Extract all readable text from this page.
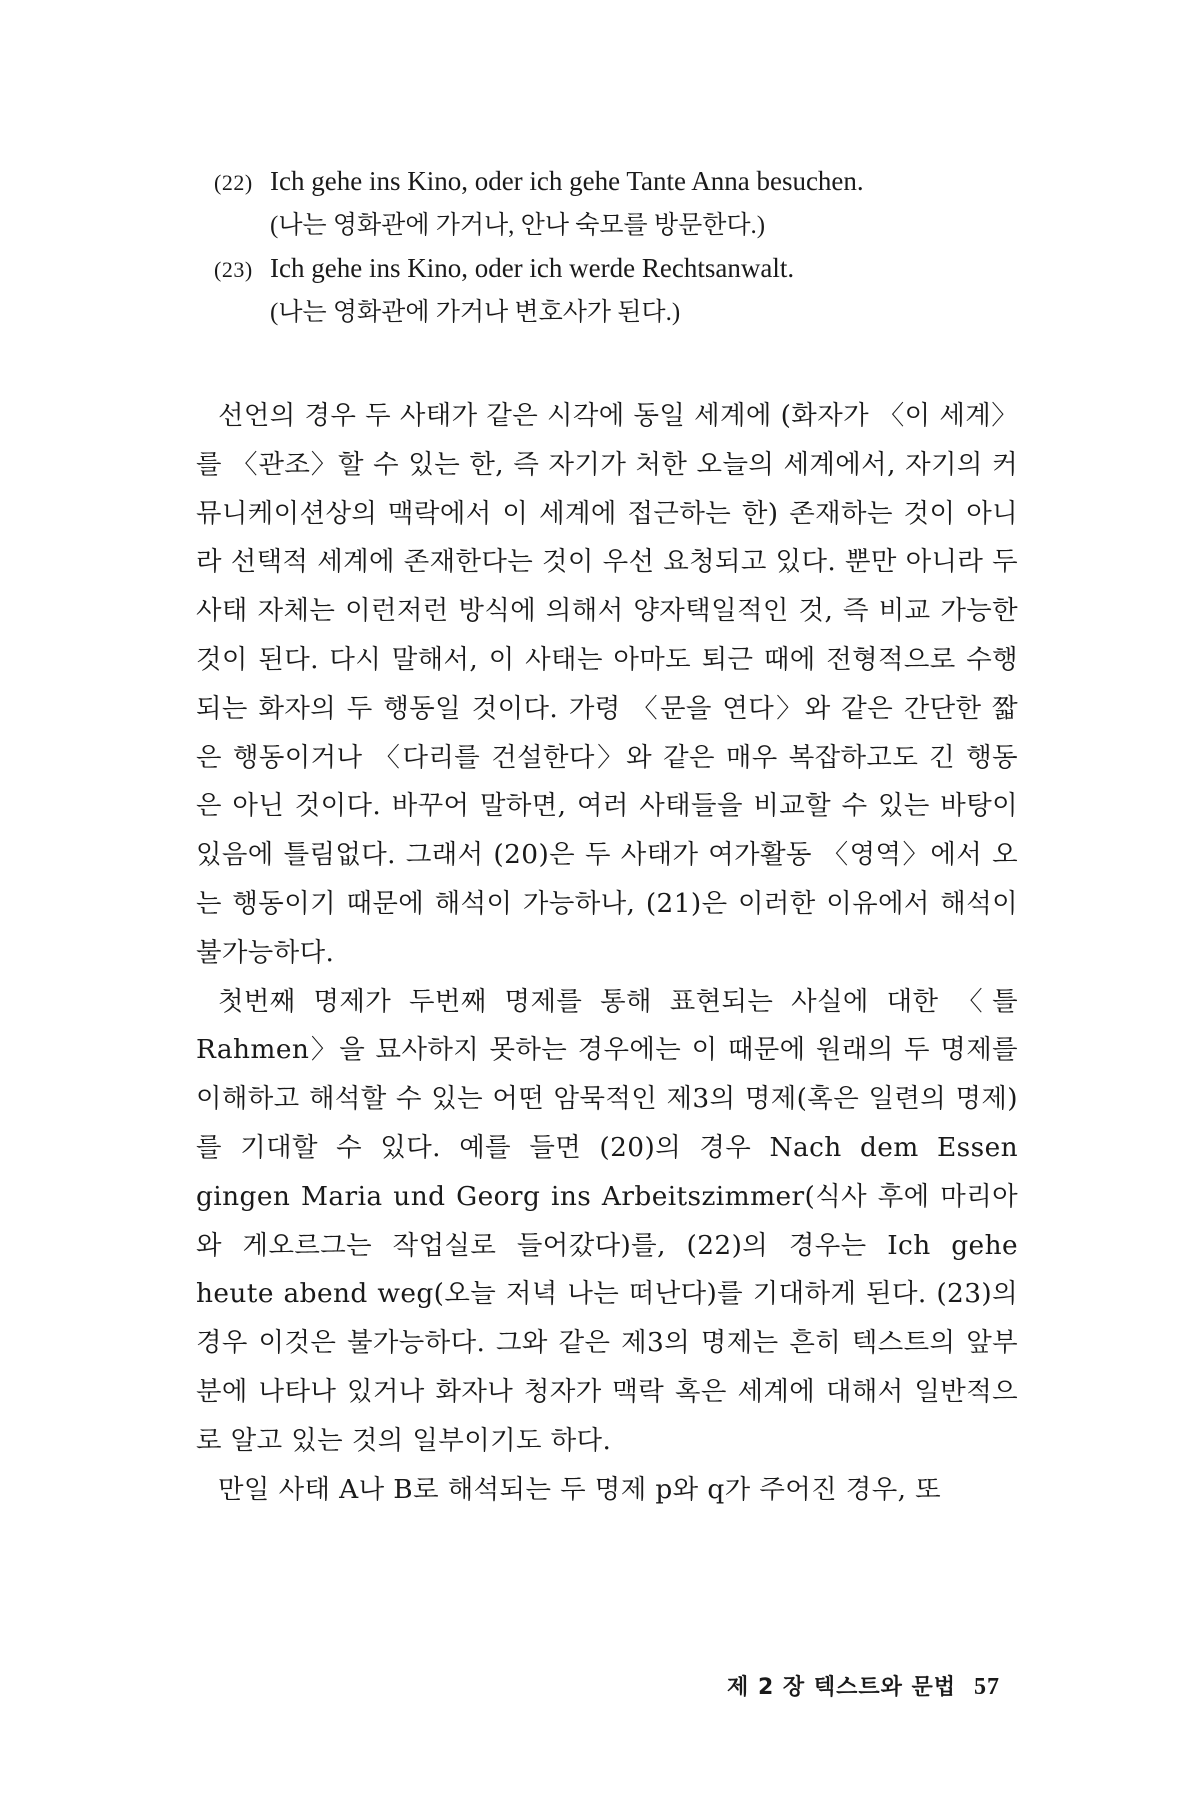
(22) Ich gehe ins Kino, oder ich gehe Tante Anna besuchen.
(나는 영화관에 가거나, 안나 숙모를 방문한다.)
(23) Ich gehe ins Kino, oder ich werde Rechtsanwalt.
(나는 영화관에 가거나 변호사가 된다.)

선언의 경우 두 사태가 같은 시각에 동일 세계에 (화자가 〈이 세계〉를 〈관조〉할 수 있는 한, 즉 자기가 처한 오늘의 세계에서, 자기의 커뮤니케이션상의 맥락에서 이 세계에 접근하는 한) 존재하는 것이 아니라 선택적 세계에 존재한다는 것이 우선 요청되고 있다. 뿐만 아니라 두 사태 자체는 이런저런 방식에 의해서 양자택일적인 것, 즉 비교 가능한 것이 된다. 다시 말해서, 이 사태는 아마도 퇴근 때에 전형적으로 수행되는 화자의 두 행동일 것이다. 가령 〈문을 연다〉와 같은 간단한 짧은 행동이거나 〈다리를 건설한다〉와 같은 매우 복잡하고도 긴 행동은 아닌 것이다. 바꾸어 말하면, 여러 사태들을 비교할 수 있는 바탕이 있음에 틀림없다. 그래서 (20)은 두 사태가 여가활동 〈영역〉에서 오는 행동이기 때문에 해석이 가능하나, (21)은 이러한 이유에서 해석이 불가능하다.

첫번째 명제가 두번째 명제를 통해 표현되는 사실에 대한 〈틀 Rahmen〉을 묘사하지 못하는 경우에는 이 때문에 원래의 두 명제를 이해하고 해석할 수 있는 어떤 암묵적인 제3의 명제(혹은 일련의 명제)를 기대할 수 있다. 예를 들면 (20)의 경우 Nach dem Essen gingen Maria und Georg ins Arbeitszimmer(식사 후에 마리아와 게오르그는 작업실로 들어갔다)를, (22)의 경우는 Ich gehe heute abend weg(오늘 저녁 나는 떠난다)를 기대하게 된다. (23)의 경우 이것은 불가능하다. 그와 같은 제3의 명제는 흔히 텍스트의 앞부분에 나타나 있거나 화자나 청자가 맥락 혹은 세계에 대해서 일반적으로 알고 있는 것의 일부이기도 하다.

만일 사태 A나 B로 해석되는 두 명제 p와 q가 주어진 경우, 또

제 2 장 텍스트와 문법 57
